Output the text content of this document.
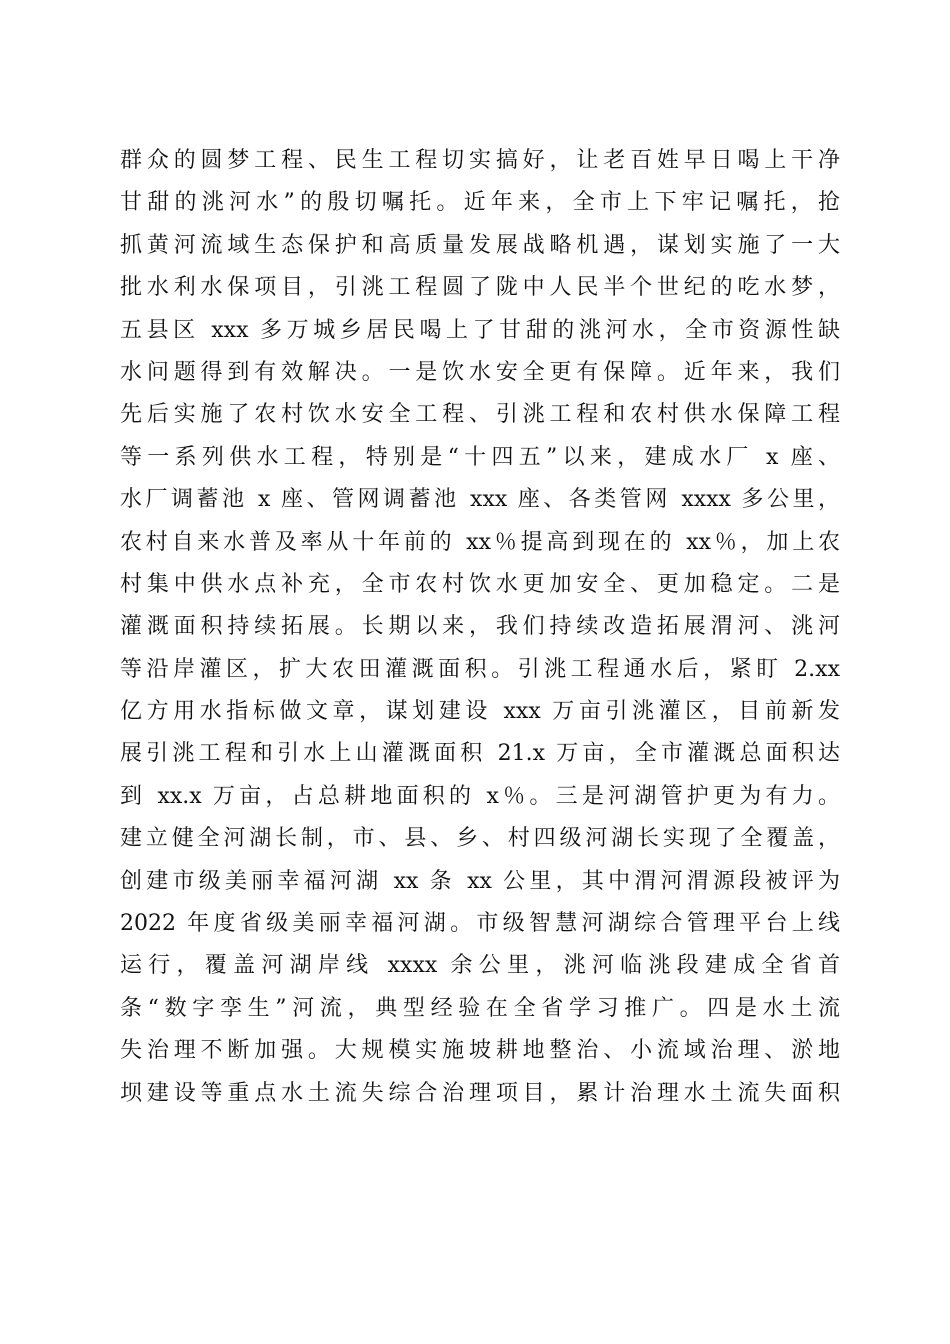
群众的圆梦工程、民生工程切实搞好，让老百姓早日喝上干净
甘甜的洮河水”的殷切嘱托。近年来，全市上下牢记嘱托，抢
抓黄河流域生态保护和高质量发展战略机遇，谋划实施了一大
批水利水保项目，引洮工程圆了陇中人民半个世纪的吃水梦，
五县区 xxx 多万城乡居民喝上了甘甜的洮河水，全市资源性缺
水问题得到有效解决。一是饮水安全更有保障。近年来，我们
先后实施了农村饮水安全工程、引洮工程和农村供水保障工程
等一系列供水工程，特别是“十四五”以来，建成水厂 x 座、
水厂调蓄池 x 座、管网调蓄池 xxx 座、各类管网 xxxx 多公里，
农村自来水普及率从十年前的 xx％提高到现在的 xx％，加上农
村集中供水点补充，全市农村饮水更加安全、更加稳定。二是
灌溉面积持续拓展。长期以来，我们持续改造拓展渭河、洮河
等沿岸灌区，扩大农田灌溉面积。引洮工程通水后，紧盯 2.xx
亿方用水指标做文章，谋划建设 xxx 万亩引洮灌区，目前新发
展引洮工程和引水上山灌溉面积 21.x 万亩，全市灌溉总面积达
到 xx.x 万亩，占总耕地面积的 x％。三是河湖管护更为有力。
建立健全河湖长制，市、县、乡、村四级河湖长实现了全覆盖，
创建市级美丽幸福河湖 xx 条 xx 公里，其中渭河渭源段被评为
2022 年度省级美丽幸福河湖。市级智慧河湖综合管理平台上线
运行，覆盖河湖岸线 xxxx 余公里，洮河临洮段建成全省首
条“数字孪生”河流，典型经验在全省学习推广。四是水土流
失治理不断加强。大规模实施坡耕地整治、小流域治理、淤地
坝建设等重点水土流失综合治理项目，累计治理水土流失面积
